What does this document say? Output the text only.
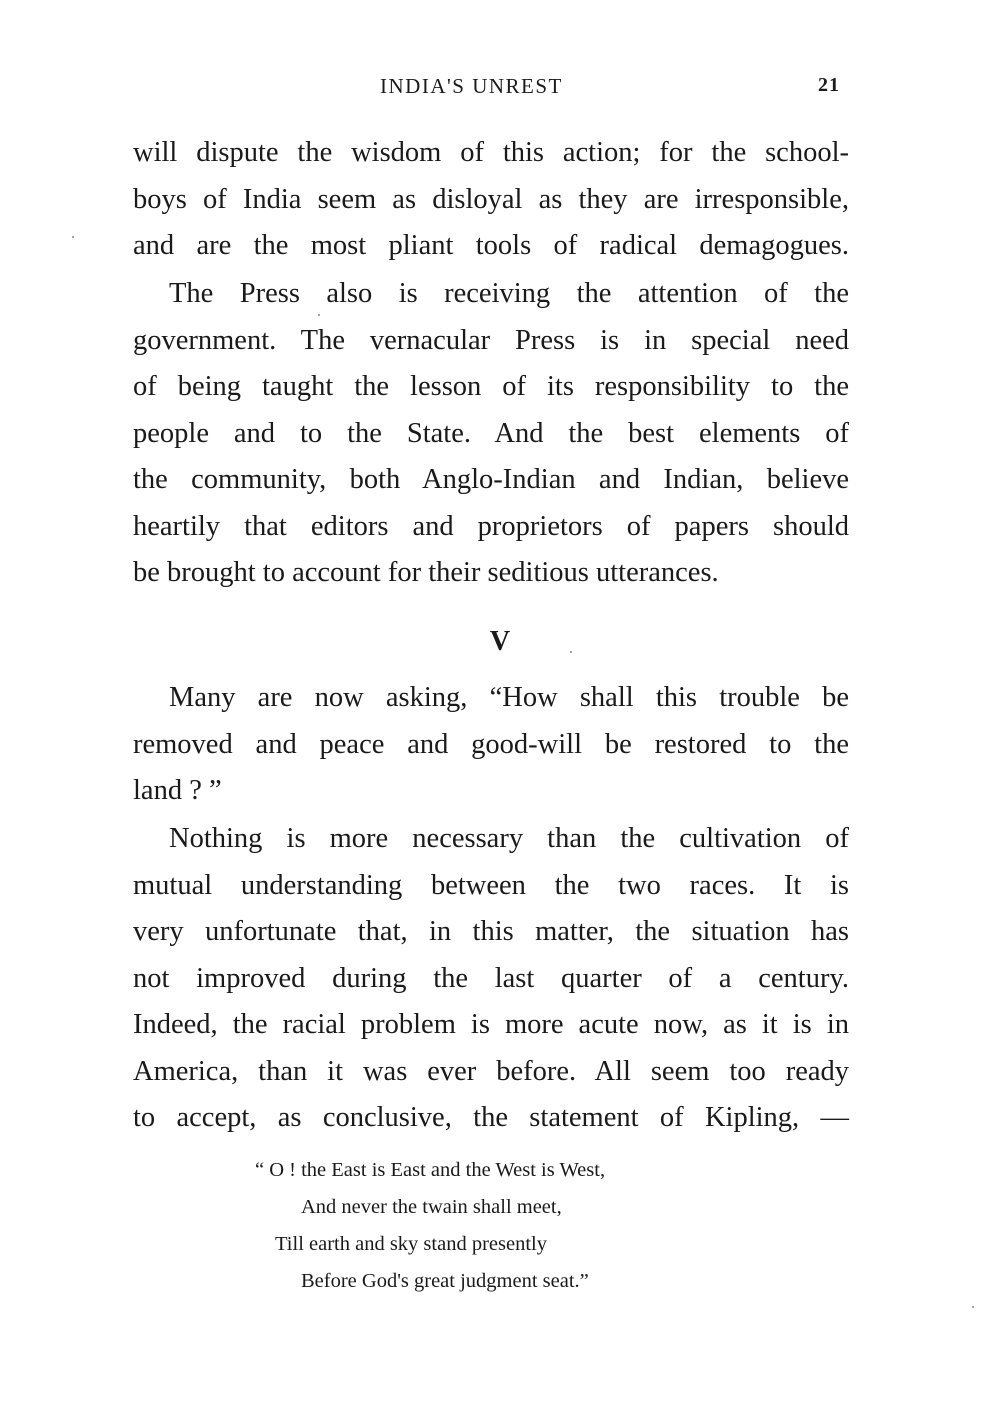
INDIA'S UNREST	21

will dispute the wisdom of this action; for the school-
boys of India seem as disloyal as they are irresponsible,
and are the most pliant tools of radical demagogues.

The Press also is receiving the attention of the
government. The vernacular Press is in special need
of being taught the lesson of its responsibility to the
people and to the State. And the best elements of
the community, both Anglo-Indian and Indian, believe
heartily that editors and proprietors of papers should
be brought to account for their seditious utterances.

V

Many are now asking, “How shall this trouble be
removed and peace and good-will be restored to the
land ? ”

Nothing is more necessary than the cultivation of
mutual understanding between the two races. It is
very unfortunate that, in this matter, the situation has
not improved during the last quarter of a century.
Indeed, the racial problem is more acute now, as it is in
America, than it was ever before. All seem too ready
to accept, as conclusive, the statement of Kipling, —

“ O ! the East is East and the West is West,
And never the twain shall meet,
Till earth and sky stand presently
Before God's great judgment seat.”
